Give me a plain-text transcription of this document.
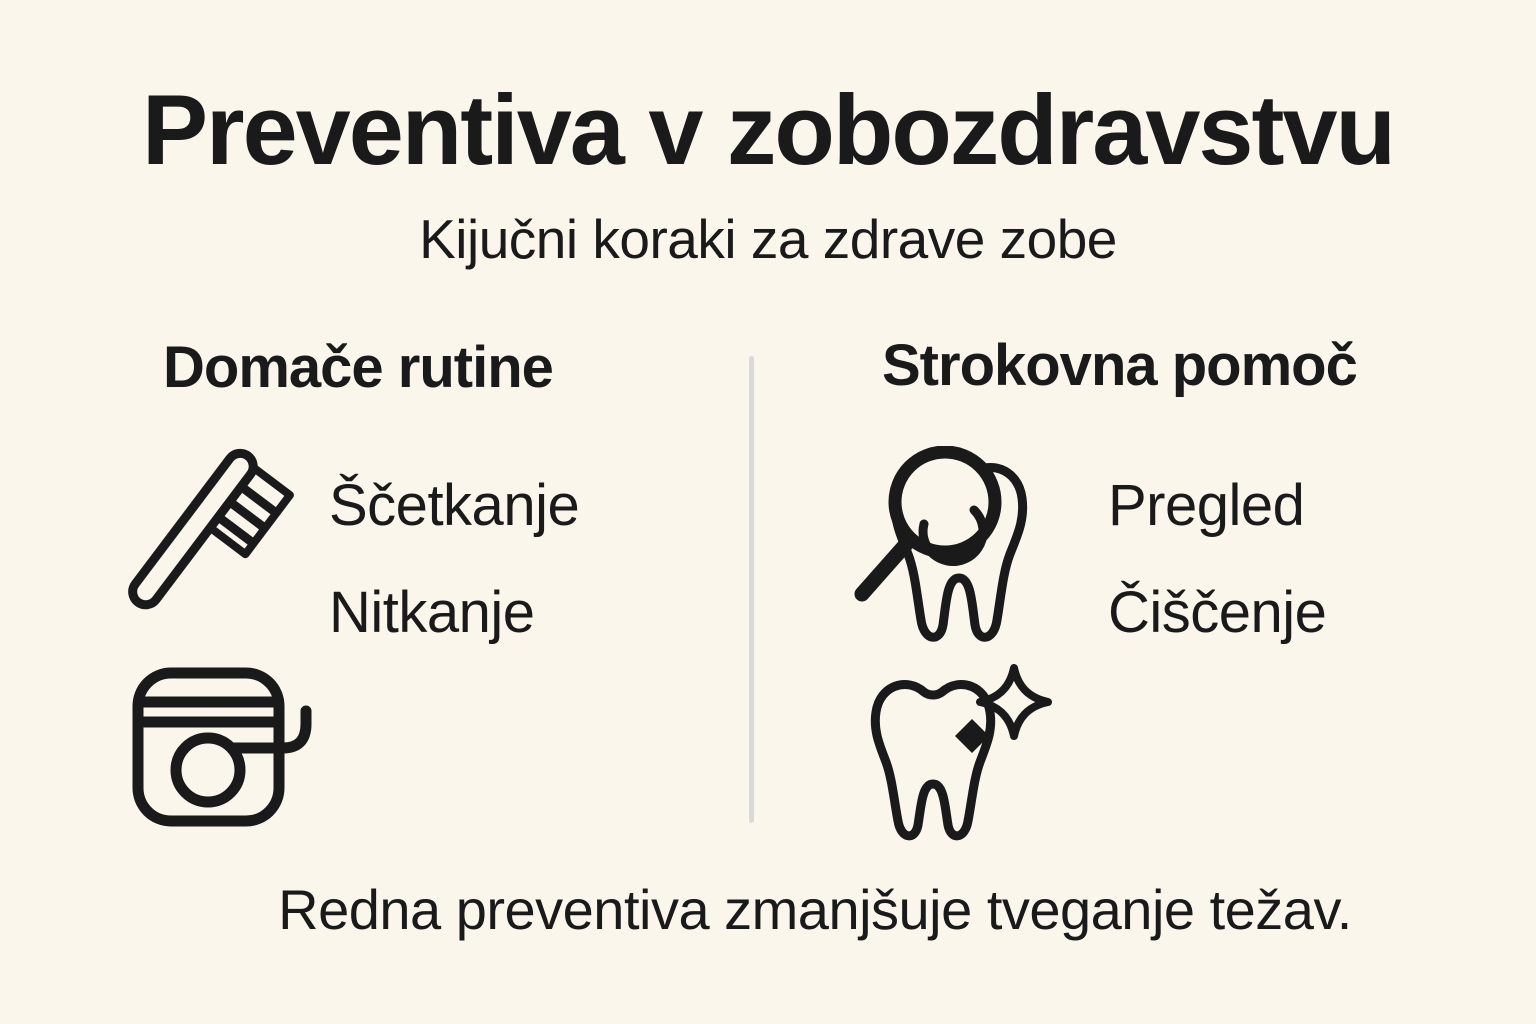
Preventiva v zobozdravstvu
Kijučni koraki za zdrave zobe
Domače rutine	Strokovna pomoč
Ščetkanje
Nitkanje
Pregled
Čiščenje
Redna preventiva zmanjšuje tveganje težav.
